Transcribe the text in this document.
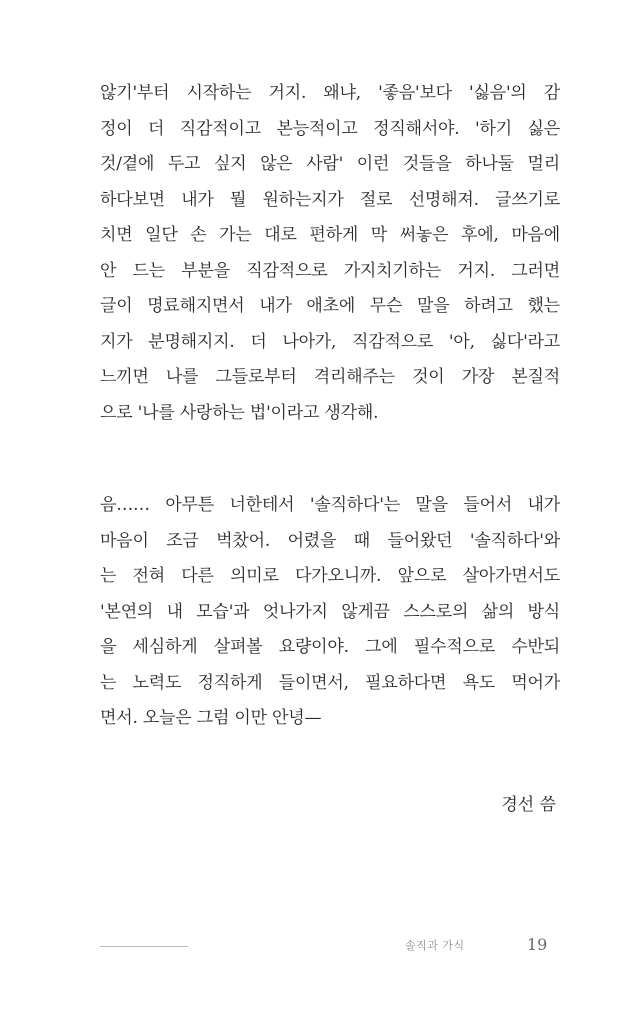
않기'부터 시작하는 거지. 왜냐, '좋음'보다 '싫음'의 감
정이 더 직감적이고 본능적이고 정직해서야. '하기 싫은
것/곁에 두고 싶지 않은 사람' 이런 것들을 하나둘 멀리
하다보면 내가 뭘 원하는지가 절로 선명해져. 글쓰기로
치면 일단 손 가는 대로 편하게 막 써놓은 후에, 마음에
안 드는 부분을 직감적으로 가지치기하는 거지. 그러면
글이 명료해지면서 내가 애초에 무슨 말을 하려고 했는
지가 분명해지지. 더 나아가, 직감적으로 '아, 싫다'라고
느끼면 나를 그들로부터 격리해주는 것이 가장 본질적
으로 '나를 사랑하는 법'이라고 생각해.
음…… 아무튼 너한테서 '솔직하다'는 말을 들어서 내가
마음이 조금 벅찼어. 어렸을 때 들어왔던 '솔직하다'와
는 전혀 다른 의미로 다가오니까. 앞으로 살아가면서도
'본연의 내 모습'과 엇나가지 않게끔 스스로의 삶의 방식
을 세심하게 살펴볼 요량이야. 그에 필수적으로 수반되
는 노력도 정직하게 들이면서, 필요하다면 욕도 먹어가
면서. 오늘은 그럼 이만 안녕—
경선 씀
솔직과 가식	19
